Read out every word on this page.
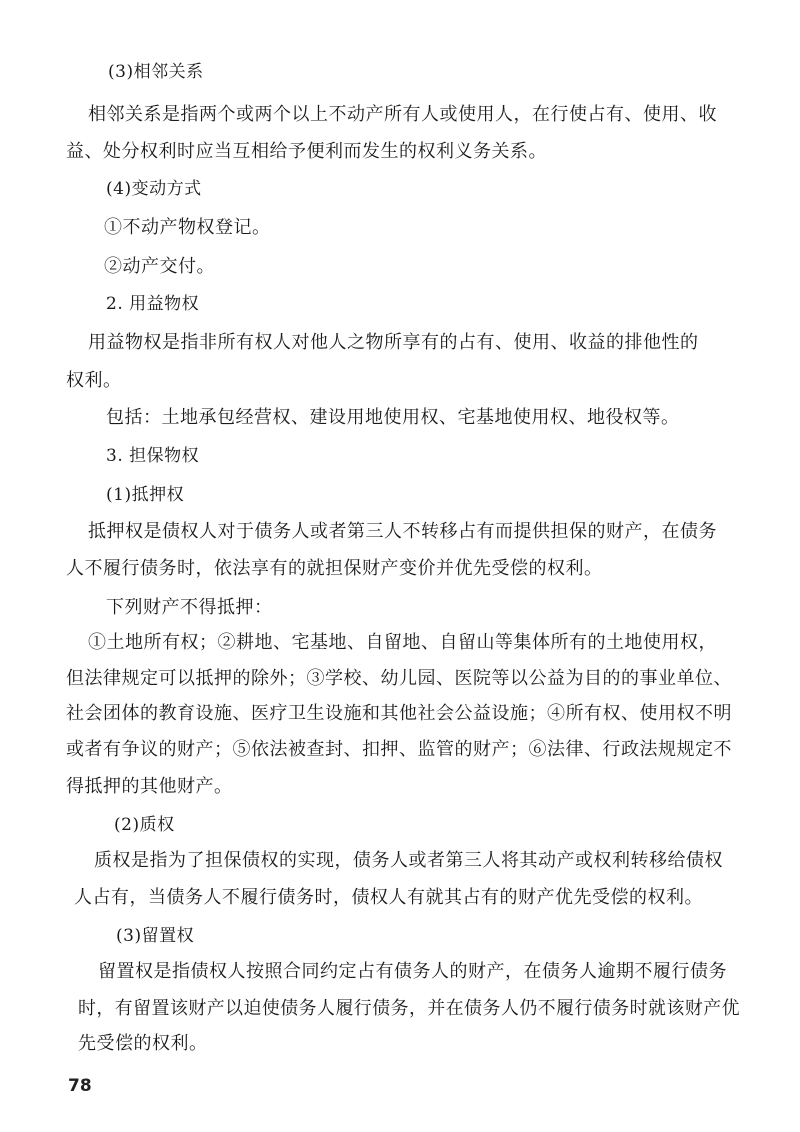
(3)相邻关系
相邻关系是指两个或两个以上不动产所有人或使用人，在行使占有、使用、收
益、处分权利时应当互相给予便利而发生的权利义务关系。
(4)变动方式
①不动产物权登记。
②动产交付。
2. 用益物权
用益物权是指非所有权人对他人之物所享有的占有、使用、收益的排他性的
权利。
包括：土地承包经营权、建设用地使用权、宅基地使用权、地役权等。
3. 担保物权
(1)抵押权
抵押权是债权人对于债务人或者第三人不转移占有而提供担保的财产，在债务
人不履行债务时，依法享有的就担保财产变价并优先受偿的权利。
下列财产不得抵押：
①土地所有权；②耕地、宅基地、自留地、自留山等集体所有的土地使用权，
但法律规定可以抵押的除外；③学校、幼儿园、医院等以公益为目的的事业单位、
社会团体的教育设施、医疗卫生设施和其他社会公益设施；④所有权、使用权不明
或者有争议的财产；⑤依法被查封、扣押、监管的财产；⑥法律、行政法规规定不
得抵押的其他财产。
(2)质权
质权是指为了担保债权的实现，债务人或者第三人将其动产或权利转移给债权
人占有，当债务人不履行债务时，债权人有就其占有的财产优先受偿的权利。
(3)留置权
留置权是指债权人按照合同约定占有债务人的财产，在债务人逾期不履行债务
时，有留置该财产以迫使债务人履行债务，并在债务人仍不履行债务时就该财产优
先受偿的权利。
78
